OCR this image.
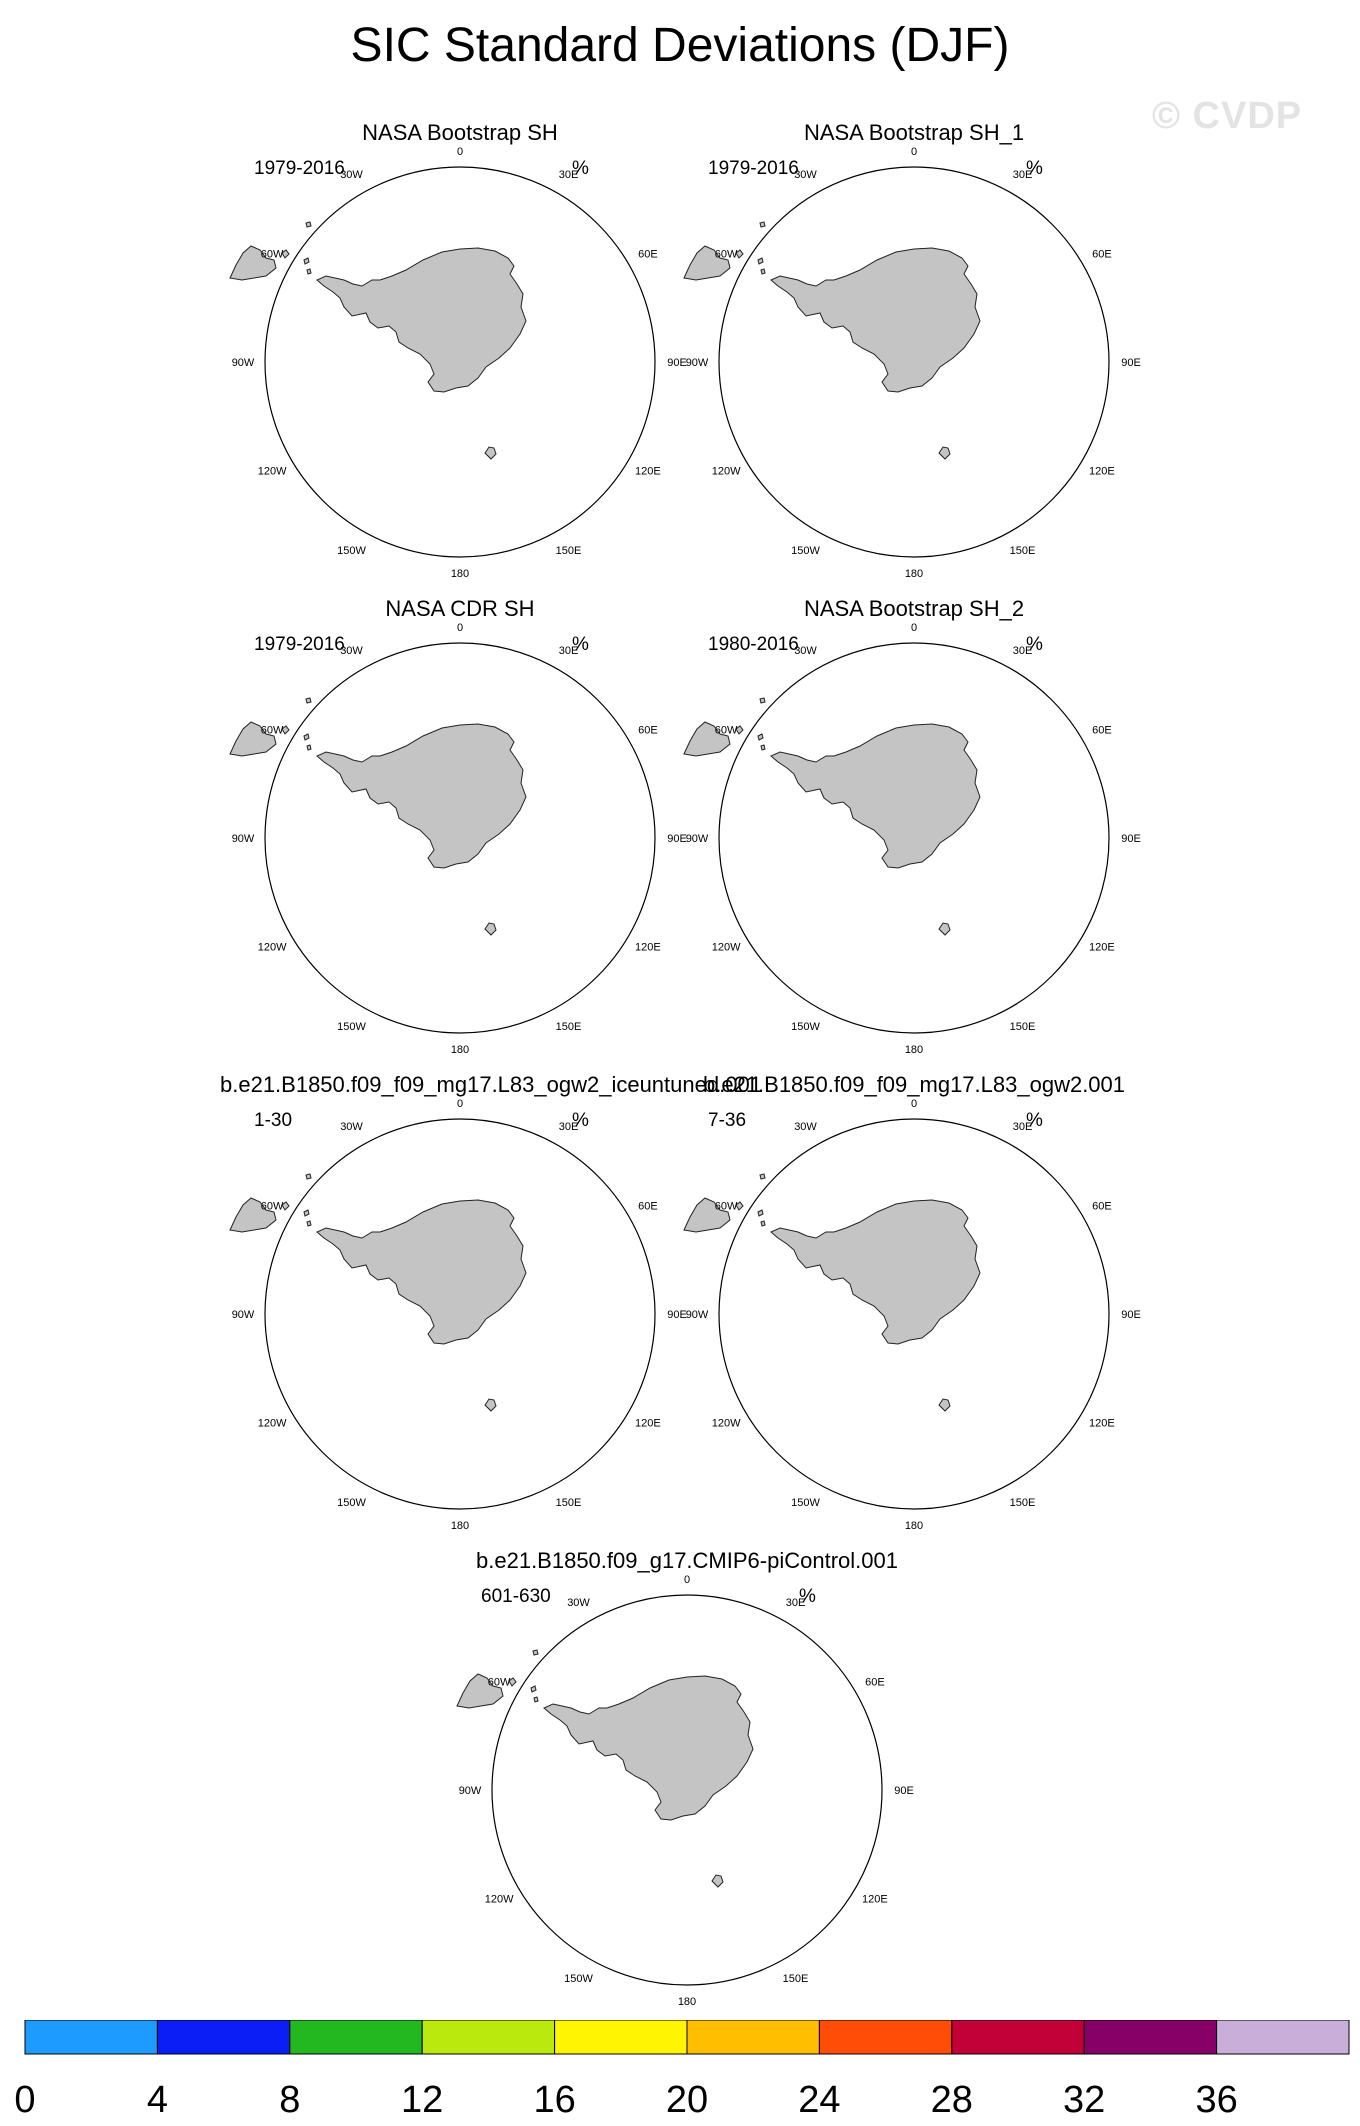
SIC Standard Deviations (DJF)
© CVDP
0
30E
60E
90E
120E
150E
180
150W
120W
90W
60W
30W
NASA Bootstrap SH
1979-2016	%
0
30E
60E
90E
120E
150E
180
150W
120W
90W
60W
30W
NASA Bootstrap SH_1
1979-2016	%
0
30E
60E
90E
120E
150E
180
150W
120W
90W
60W
30W
NASA CDR SH
1979-2016	%
0
30E
60E
90E
120E
150E
180
150W
120W
90W
60W
30W
NASA Bootstrap SH_2
1980-2016	%
0
30E
60E
90E
120E
150E
180
150W
120W
90W
60W
30W
b.e21.B1850.f09_f09_mg17.L83_ogw2_iceuntuned.001
1-30	%
0
30E
60E
90E
120E
150E
180
150W
120W
90W
60W
30W
b.e21.B1850.f09_f09_mg17.L83_ogw2.001
7-36	%
0
30E
60E
90E
120E
150E
180
150W
120W
90W
60W
30W
b.e21.B1850.f09_g17.CMIP6-piControl.001
601-630	%
0	4	8	12 16 20 24 28 32 36
